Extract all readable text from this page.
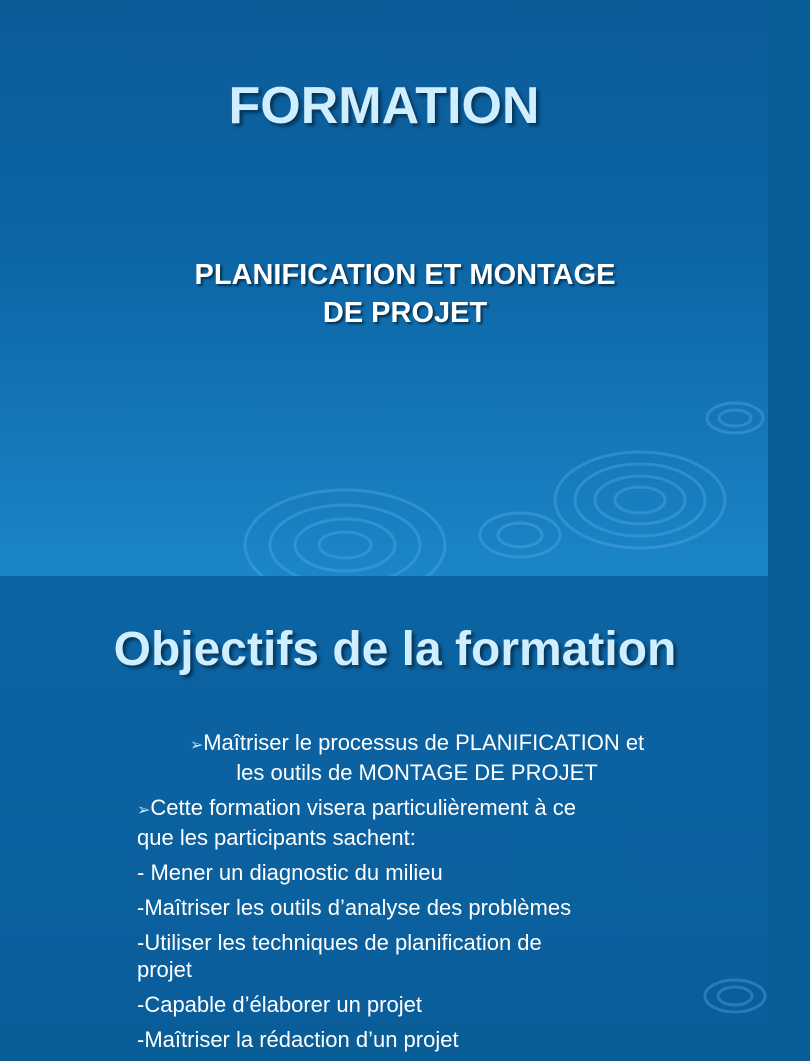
FORMATION
PLANIFICATION ET MONTAGE
DE PROJET
Objectifs de la formation

➢Maîtriser le processus de PLANIFICATION et
les outils de MONTAGE DE PROJET

➢Cette formation visera particulièrement à ce
que les participants sachent:

- Mener un diagnostic du milieu

-Maîtriser les outils d’analyse des problèmes

-Utiliser les techniques de planification de
projet

-Capable d’élaborer un projet

-Maîtriser la rédaction d’un projet
